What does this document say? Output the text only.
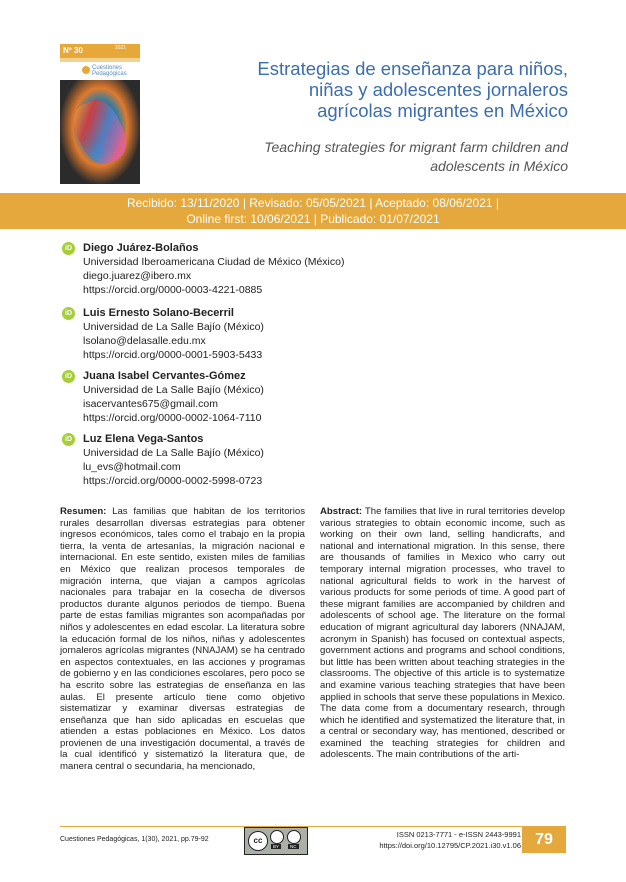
Nº 30	2021
Cuestiones Pedagógicas	Estrategias de enseñanza para niños, niñas y adolescentes jornaleros agrícolas migrantes en México
Teaching strategies for migrant farm children and adolescents in México
Recibido: 13/11/2020 | Revisado: 05/05/2021 | Aceptado: 08/06/2021 |
Online first: 10/06/2021 | Publicado: 01/07/2021
iD Diego Juárez-Bolaños
Universidad Iberoamericana Ciudad de México (México)
diego.juarez@ibero.mx
https://orcid.org/0000-0003-4221-0885
iD Luis Ernesto Solano-Becerril
Universidad de La Salle Bajío (México)
lsolano@delasalle.edu.mx
https://orcid.org/0000-0001-5903-5433
iD Juana Isabel Cervantes-Gómez
Universidad de La Salle Bajío (México)
isacervantes675@gmail.com
https://orcid.org/0000-0002-1064-7110
iD Luz Elena Vega-Santos
Universidad de La Salle Bajío (México)
lu_evs@hotmail.com
https://orcid.org/0000-0002-5998-0723
Resumen: Las familias que habitan de los territorios rurales desarrollan diversas estrategias para obtener ingresos económicos, tales como el trabajo en la propia tierra, la venta de artesanías, la migración nacional e internacional. En este sentido, existen miles de familias en México que realizan procesos temporales de migración interna, que viajan a campos agrícolas nacionales para trabajar en la cosecha de diversos productos durante algunos periodos de tiempo. Buena parte de estas familias migrantes son acompañadas por niños y adolescentes en edad escolar. La literatura sobre la educación formal de los niños, niñas y adolescentes jornaleros agrícolas migrantes (NNAJAM) se ha centrado en aspectos contextuales, en las acciones y programas de gobierno y en las condiciones escolares, pero poco se ha escrito sobre las estrategias de enseñanza en las aulas. El presente artículo tiene como objetivo sistematizar y examinar diversas estrategias de enseñanza que han sido aplicadas en escuelas que atienden a estas poblaciones en México. Los datos provienen de una investigación documental, a través de la cual identificó y sistematizó la literatura que, de manera central o secundaria, ha mencionado,
Abstract: The families that live in rural territories develop various strategies to obtain economic income, such as working on their own land, selling handicrafts, and national and international migration. In this sense, there are thousands of families in Mexico who carry out temporary internal migration processes, who travel to national agricultural fields to work in the harvest of various products for some periods of time. A good part of these migrant families are accompanied by children and adolescents of school age. The literature on the formal education of migrant agricultural day laborers (NNAJAM, acronym in Spanish) has focused on contextual aspects, government actions and programs and school conditions, but little has been written about teaching strategies in the classrooms. The objective of this article is to systematize and examine various teaching strategies that have been applied in schools that serve these populations in Mexico. The data come from a documentary research, through which he identified and systematized the literature that, in a central or secondary way, has mentioned, described or examined the teaching strategies for children and adolescents. The main contributions of the arti-
Cuestiones Pedagógicas, 1(30), 2021, pp.79-92	cc
BY	NC
ISSN 0213-7771 - e-ISSN 2443-9991
https://doi.org/10.12795/CP.2021.i30.v1.06 79
